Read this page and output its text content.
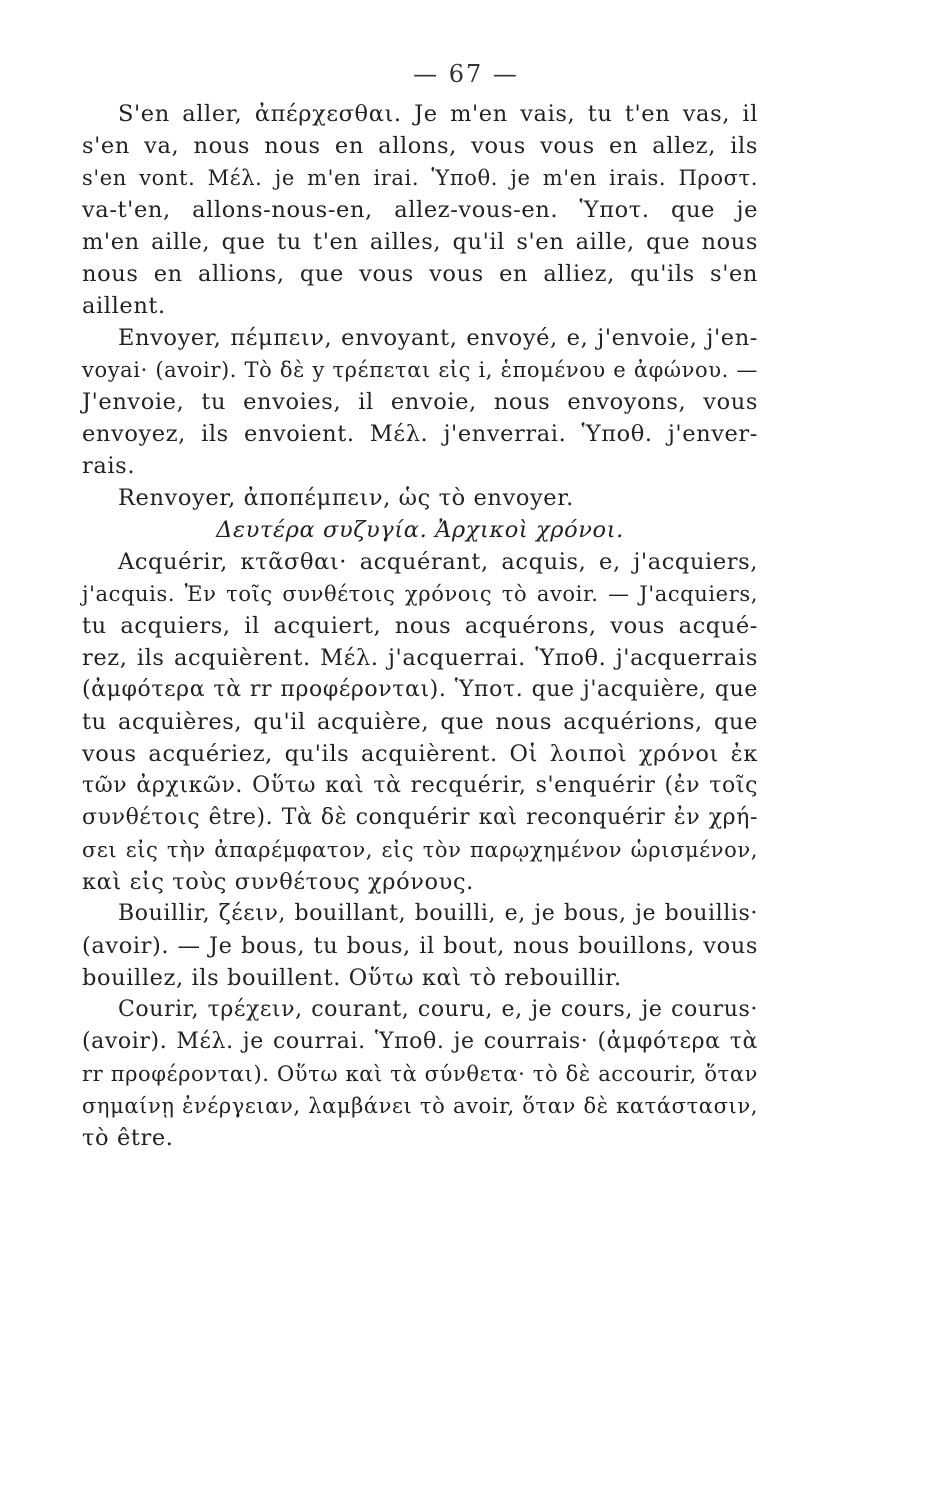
— 67 —
S'en aller, ἀπέρχεσθαι. Je m'en vais, tu t'en vas, il
s'en va, nous nous en allons, vous vous en allez, ils
s'en vont. Μέλ. je m'en irai. Ὑποθ. je m'en irais. Προστ.
va-t'en, allons-nous-en, allez-vous-en. Ὑποτ. que je
m'en aille, que tu t'en ailles, qu'il s'en aille, que nous
nous en allions, que vous vous en alliez, qu'ils s'en
aillent.
Envoyer, πέμπειν, envoyant, envoyé, e, j'envoie, j'en-
voyai· (avoir). Τὸ δὲ y τρέπεται εἰς i, ἑπομένου e ἀφώνου. —
J'envoie, tu envoies, il envoie, nous envoyons, vous
envoyez, ils envoient. Μέλ. j'enverrai. Ὑποθ. j'enver-
rais.
Renvoyer, ἀποπέμπειν, ὡς τὸ envoyer.
Δευτέρα συζυγία. Ἀρχικοὶ χρόνοι.
Acquérir, κτᾶσθαι· acquérant, acquis, e, j'acquiers,
j'acquis. Ἐν τοῖς συνθέτοις χρόνοις τὸ avoir. — J'acquiers,
tu acquiers, il acquiert, nous acquérons, vous acqué-
rez, ils acquièrent. Μέλ. j'acquerrai. Ὑποθ. j'acquerrais
(ἀμφότερα τὰ rr προφέρονται). Ὑποτ. que j'acquière, que
tu acquières, qu'il acquière, que nous acquérions, que
vous acquériez, qu'ils acquièrent. Οἱ λοιποὶ χρόνοι ἐκ
τῶν ἀρχικῶν. Οὕτω καὶ τὰ recquérir, s'enquérir (ἐν τοῖς
συνθέτοις être). Τὰ δὲ conquérir καὶ reconquérir ἐν χρή-
σει εἰς τὴν ἀπαρέμφατον, εἰς τὸν παρῳχημένον ὡρισμένον,
καὶ εἰς τοὺς συνθέτους χρόνους.
Bouillir, ζέειν, bouillant, bouilli, e, je bous, je bouillis·
(avoir). — Je bous, tu bous, il bout, nous bouillons, vous
bouillez, ils bouillent. Οὕτω καὶ τὸ rebouillir.
Courir, τρέχειν, courant, couru, e, je cours, je courus·
(avoir). Μέλ. je courrai. Ὑποθ. je courrais· (ἀμφότερα τὰ
rr προφέρονται). Οὕτω καὶ τὰ σύνθετα· τὸ δὲ accourir, ὅταν
σημαίνῃ ἐνέργειαν, λαμβάνει τὸ avoir, ὅταν δὲ κατάστασιν,
τὸ être.
